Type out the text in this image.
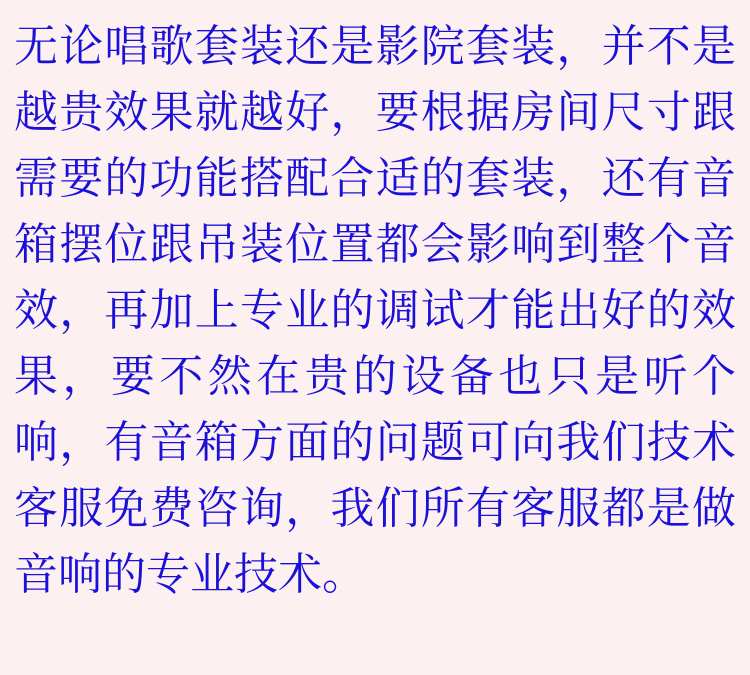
无论唱歌套装还是影院套装，并不是越贵效果就越好，要根据房间尺寸跟需要的功能搭配合适的套装，还有音箱摆位跟吊装位置都会影响到整个音效，再加上专业的调试才能出好的效果，要不然在贵的设备也只是听个响，有音箱方面的问题可向我们技术客服免费咨询，我们所有客服都是做音响的专业技术。
